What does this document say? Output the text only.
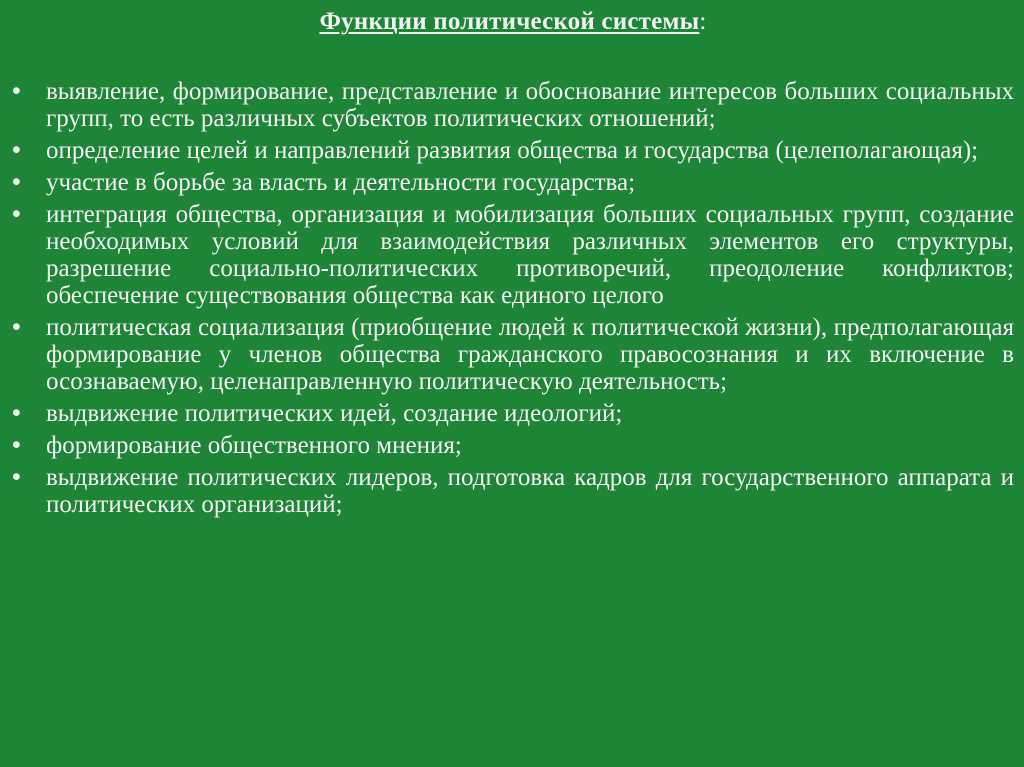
Функции политической системы:
• выявление, формирование, представление и обоснование интересов больших социальных групп, то есть различных субъектов политических отношений;
• определение целей и направлений развития общества и государства (целеполагающая);
• участие в борьбе за власть и деятельности государства;
• интеграция общества, организация и мобилизация больших социальных групп, создание необходимых условий для взаимодействия различных элементов его структуры, разрешение социально-политических противоречий, преодоление конфликтов; обеспечение существования общества как единого целого
• политическая социализация (приобщение людей к политической жизни), предполагающая формирование у членов общества гражданского правосознания и их включение в осознаваемую, целенаправленную политическую деятельность;
• выдвижение политических идей, создание идеологий;
• формирование общественного мнения;
• выдвижение политических лидеров, подготовка кадров для государственного аппарата и политических организаций;
